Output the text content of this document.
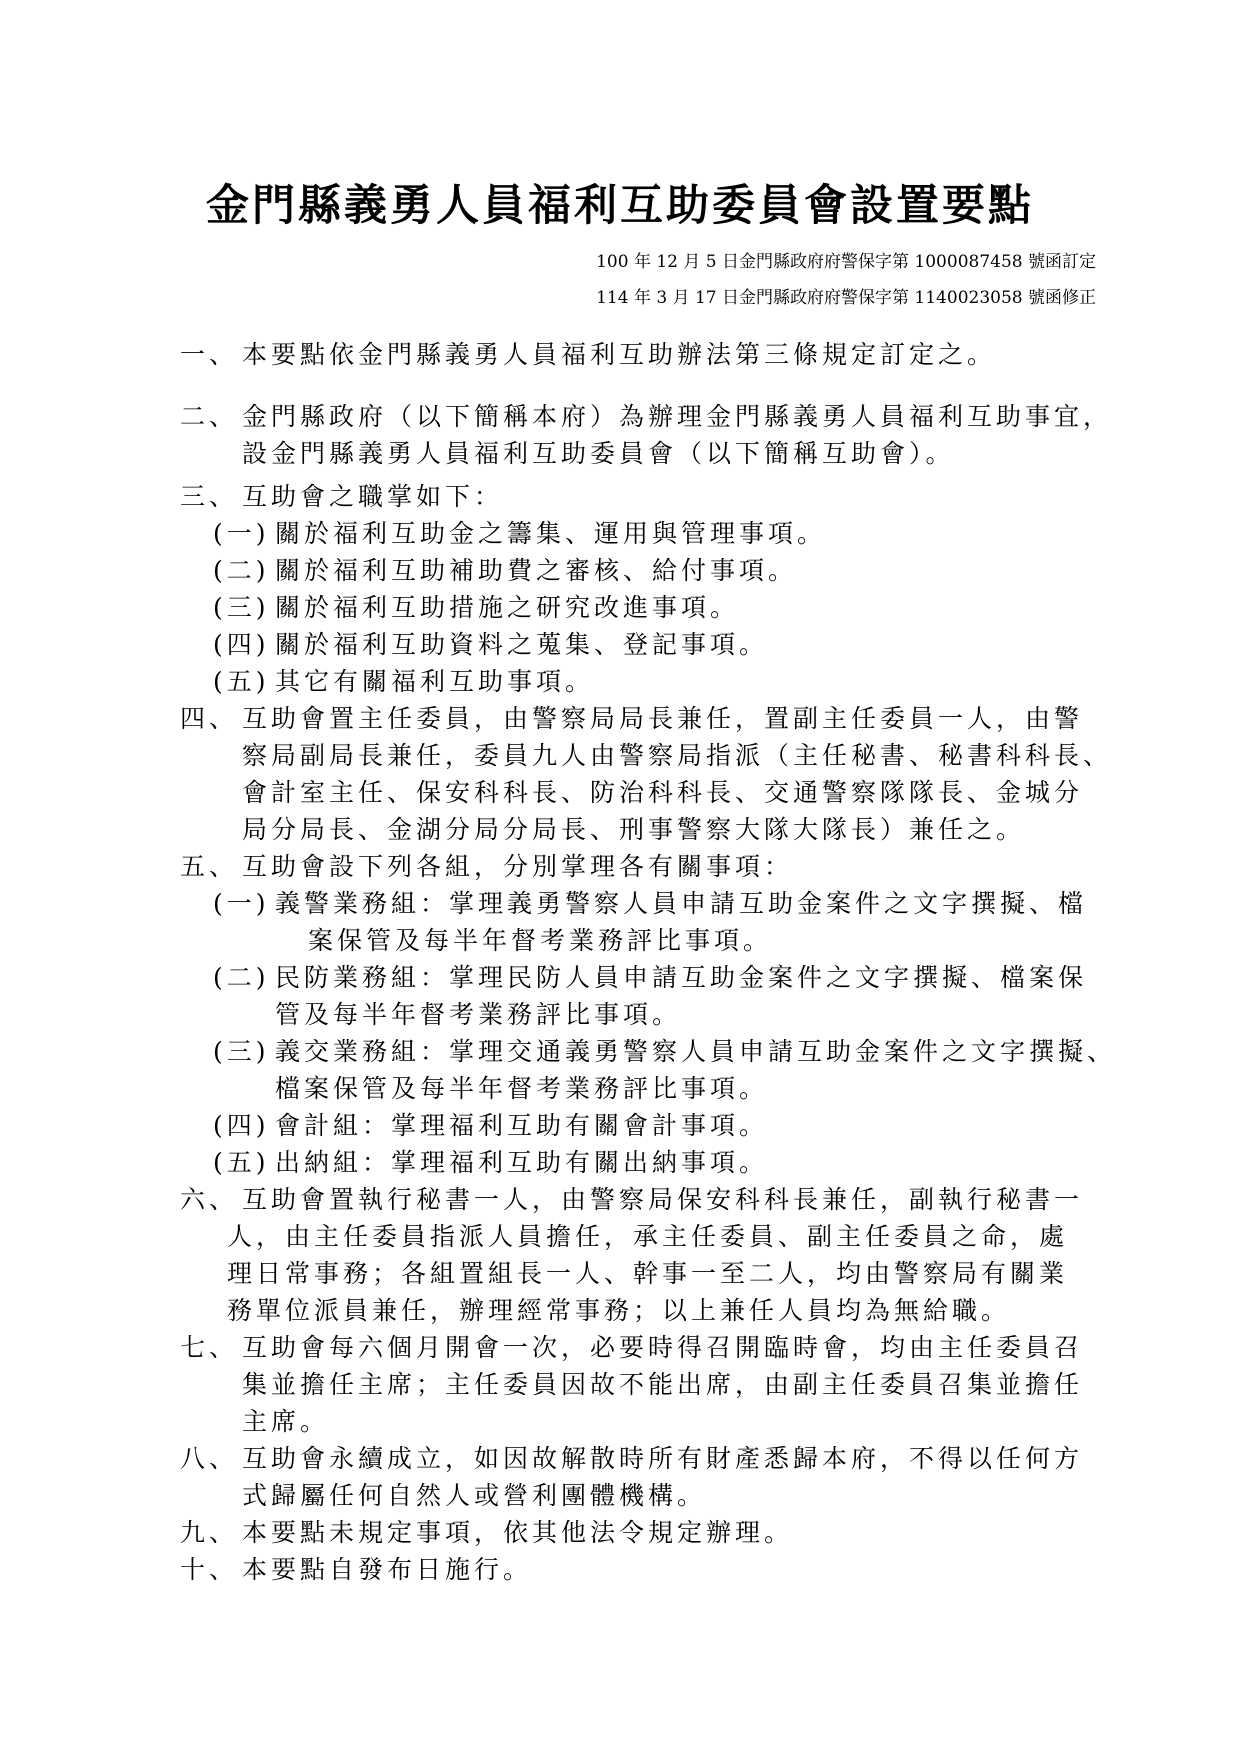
金門縣義勇人員福利互助委員會設置要點
100 年 12 月 5 日金門縣政府府警保字第 1000087458 號函訂定
114 年 3 月 17 日金門縣政府府警保字第 1140023058 號函修正
一、 本要點依金門縣義勇人員福利互助辦法第三條規定訂定之。
二、 金門縣政府（以下簡稱本府）為辦理金門縣義勇人員福利互助事宜，
設金門縣義勇人員福利互助委員會（以下簡稱互助會）。
三、 互助會之職掌如下：
(一) 關於福利互助金之籌集、運用與管理事項。
(二) 關於福利互助補助費之審核、給付事項。
(三) 關於福利互助措施之研究改進事項。
(四) 關於福利互助資料之蒐集、登記事項。
(五) 其它有關福利互助事項。
四、 互助會置主任委員，由警察局局長兼任，置副主任委員一人，由警
察局副局長兼任，委員九人由警察局指派（主任秘書、秘書科科長、
會計室主任、保安科科長、防治科科長、交通警察隊隊長、金城分
局分局長、金湖分局分局長、刑事警察大隊大隊長）兼任之。
五、 互助會設下列各組，分別掌理各有關事項：
(一) 義警業務組：掌理義勇警察人員申請互助金案件之文字撰擬、檔
案保管及每半年督考業務評比事項。
(二) 民防業務組：掌理民防人員申請互助金案件之文字撰擬、檔案保
管及每半年督考業務評比事項。
(三) 義交業務組：掌理交通義勇警察人員申請互助金案件之文字撰擬、
檔案保管及每半年督考業務評比事項。
(四) 會計組：掌理福利互助有關會計事項。
(五) 出納組：掌理福利互助有關出納事項。
六、 互助會置執行秘書一人，由警察局保安科科長兼任，副執行秘書一
人，由主任委員指派人員擔任，承主任委員、副主任委員之命，處
理日常事務；各組置組長一人、幹事一至二人，均由警察局有關業
務單位派員兼任，辦理經常事務；以上兼任人員均為無給職。
七、 互助會每六個月開會一次，必要時得召開臨時會，均由主任委員召
集並擔任主席；主任委員因故不能出席，由副主任委員召集並擔任
主席。
八、 互助會永續成立，如因故解散時所有財產悉歸本府，不得以任何方
式歸屬任何自然人或營利團體機構。
九、 本要點未規定事項，依其他法令規定辦理。
十、 本要點自發布日施行。
